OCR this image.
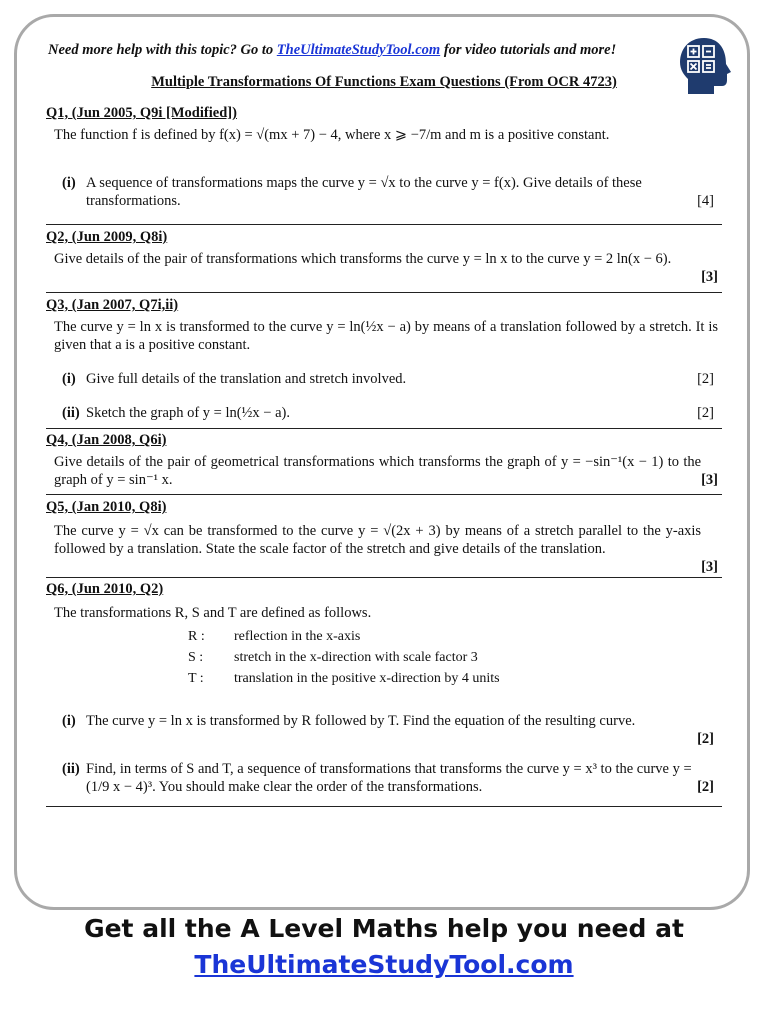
Need more help with this topic? Go to TheUltimateStudyTool.com for video tutorials and more!
Multiple Transformations Of Functions Exam Questions (From OCR 4723)
Q1, (Jun 2005, Q9i [Modified])
The function f is defined by f(x) = √(mx + 7) − 4, where x ⩾ −7/m and m is a positive constant.
(i)
[4]
A sequence of transformations maps the curve y = √x to the curve y = f(x). Give details of these transformations.
Q2, (Jun 2009, Q8i)
[3]
Give details of the pair of transformations which transforms the curve y = ln x to the curve y = 2 ln(x − 6).
Q3, (Jan 2007, Q7i,ii)
The curve y = ln x is transformed to the curve y = ln(½x − a) by means of a translation followed by a stretch. It is given that a is a positive constant.
(i)	[2]
Give full details of the translation and stretch involved.
(ii)	[2]
Sketch the graph of y = ln(½x − a).
Q4, (Jan 2008, Q6i)
[3]
Give details of the pair of geometrical transformations which transforms the graph of y = −sin⁻¹(x − 1) to the graph of y = sin⁻¹ x.
Q5, (Jan 2010, Q8i)
[3]
The curve y = √x can be transformed to the curve y = √(2x + 3) by means of a stretch parallel to the y-axis followed by a translation. State the scale factor of the stretch and give details of the translation.
Q6, (Jun 2010, Q2)
The transformations R, S and T are defined as follows.
R : reflection in the x-axis
S : stretch in the x-direction with scale factor 3
T : translation in the positive x-direction by 4 units
(i) The curve y = ln x is transformed by R followed by T. Find the equation of the resulting curve.
[2]
(ii)
[2]
Find, in terms of S and T, a sequence of transformations that transforms the curve y = x³ to the curve y = (1/9 x − 4)³. You should make clear the order of the transformations.
Get all the A Level Maths help you need at
TheUltimateStudyTool.com
